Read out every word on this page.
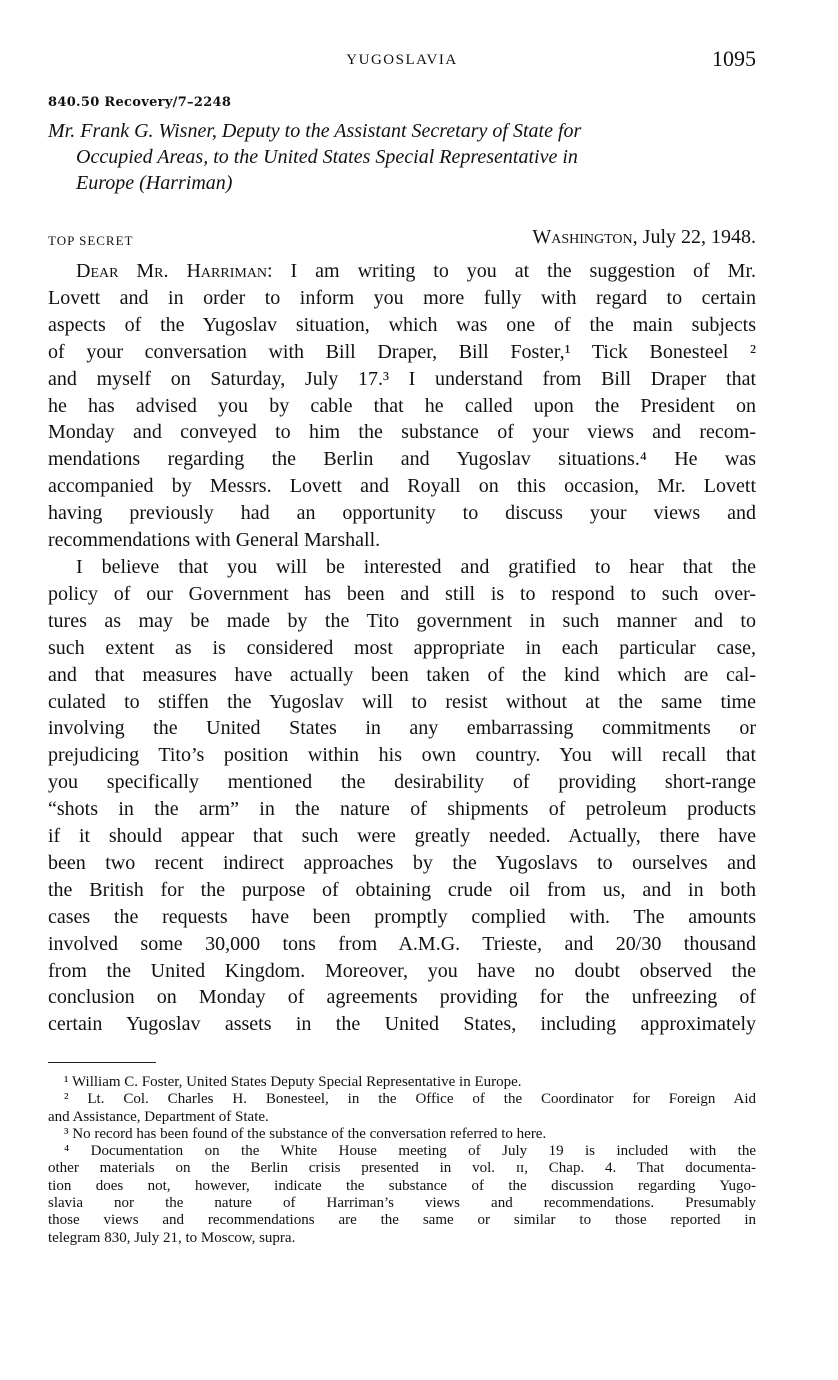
YUGOSLAVIA	1095
840.50 Recovery/7–2248
Mr. Frank G. Wisner, Deputy to the Assistant Secretary of State for
Occupied Areas, to the United States Special Representative in
Europe (Harriman)
TOP SECRET	Washington, July 22, 1948.
Dear Mr. Harriman: I am writing to you at the suggestion of Mr.
Lovett and in order to inform you more fully with regard to certain
aspects of the Yugoslav situation, which was one of the main subjects
of your conversation with Bill Draper, Bill Foster,¹ Tick Bonesteel ²
and myself on Saturday, July 17.³ I understand from Bill Draper that
he has advised you by cable that he called upon the President on
Monday and conveyed to him the substance of your views and recom-
mendations regarding the Berlin and Yugoslav situations.⁴ He was
accompanied by Messrs. Lovett and Royall on this occasion, Mr. Lovett
having previously had an opportunity to discuss your views and
recommendations with General Marshall.
I believe that you will be interested and gratified to hear that the
policy of our Government has been and still is to respond to such over-
tures as may be made by the Tito government in such manner and to
such extent as is considered most appropriate in each particular case,
and that measures have actually been taken of the kind which are cal-
culated to stiffen the Yugoslav will to resist without at the same time
involving the United States in any embarrassing commitments or
prejudicing Tito’s position within his own country. You will recall that
you specifically mentioned the desirability of providing short-range
“shots in the arm” in the nature of shipments of petroleum products
if it should appear that such were greatly needed. Actually, there have
been two recent indirect approaches by the Yugoslavs to ourselves and
the British for the purpose of obtaining crude oil from us, and in both
cases the requests have been promptly complied with. The amounts
involved some 30,000 tons from A.M.G. Trieste, and 20/30 thousand
from the United Kingdom. Moreover, you have no doubt observed the
conclusion on Monday of agreements providing for the unfreezing of
certain Yugoslav assets in the United States, including approximately
¹ William C. Foster, United States Deputy Special Representative in Europe.
² Lt. Col. Charles H. Bonesteel, in the Office of the Coordinator for Foreign Aid
and Assistance, Department of State.
³ No record has been found of the substance of the conversation referred to here.
⁴ Documentation on the White House meeting of July 19 is included with the
other materials on the Berlin crisis presented in vol. ɪɪ, Chap. 4. That documenta-
tion does not, however, indicate the substance of the discussion regarding Yugo-
slavia nor the nature of Harriman’s views and recommendations. Presumably
those views and recommendations are the same or similar to those reported in
telegram 830, July 21, to Moscow, supra.
